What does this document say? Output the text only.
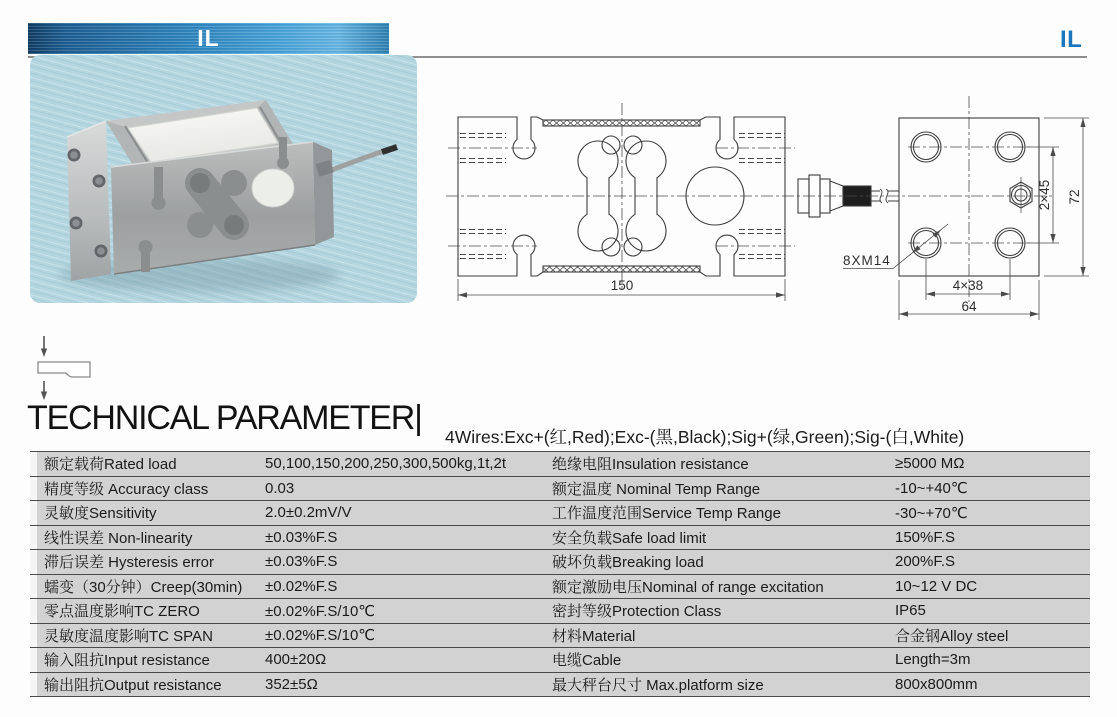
IL	IL
150	4×38
64
2×45 72
8XM14
TECHNICAL PARAMETER| 4Wires:Exc+(红,Red);Exc-(黑,Black);Sig+(绿,Green);Sig-(白,White)
额定载荷Rated load	50,100,150,200,250,300,500kg,1t,2t	绝缘电阻Insulation resistance	≥5000 MΩ
精度等级 Accuracy class	0.03	额定温度 Nominal Temp Range	-10~+40℃
灵敏度Sensitivity	2.0±0.2mV/V	工作温度范围Service Temp Range	-30~+70℃
线性误差 Non-linearity	±0.03%F.S	安全负载Safe load limit	150%F.S
滞后误差 Hysteresis error	±0.03%F.S	破坏负载Breaking load	200%F.S
蠕变（30分钟）Creep(30min)	±0.02%F.S	额定激励电压Nominal of range excitation	10~12 V DC
零点温度影响TC ZERO	±0.02%F.S/10℃	密封等级Protection Class	IP65
灵敏度温度影响TC SPAN	±0.02%F.S/10℃	材料Material	合金钢Alloy steel
输入阻抗Input resistance	400±20Ω	电缆Cable	Length=3m
输出阻抗Output resistance	352±5Ω	最大秤台尺寸 Max.platform size	800x800mm
